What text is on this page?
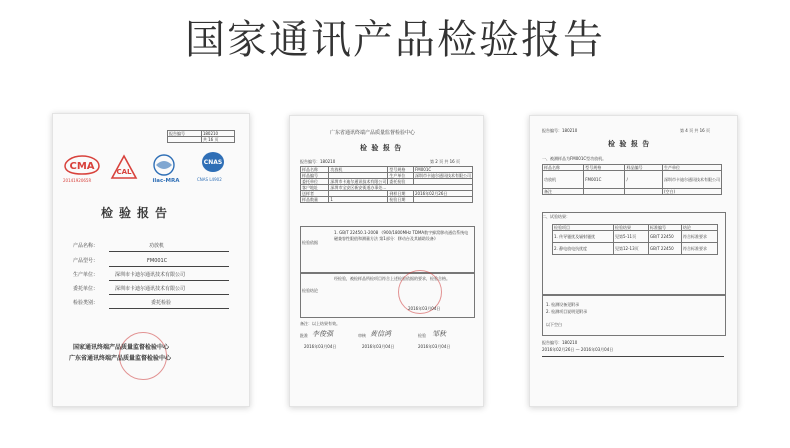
国家通讯产品检验报告
报告编号	180210
	共 16 页
CMA
2014192065R
CAL
ilac-MRA
CNAS
CNAS L4902
检验报告
产品名称：	功放机
产品型号：	FM001C
生产单位：	深圳市卡迪尔通讯技术有限公司
委托单位：	深圳市卡迪尔通讯技术有限公司
检验类别：	委托检验
国家通讯终端产品质量监督检验中心
广东省通讯终端产品质量监督检验中心
广东省通讯终端产品质量监督检验中心
检 验 报 告
报告编号：180210	第 2 页 共 16 页
样品名称	功放机	型号规格	FM001C
样品编号		生产单位	深圳市卡迪尔通讯技术有限公司
委托单位	深圳市卡迪尔通讯技术有限公司	委托检验	
客户地址	深圳市宝安区新安街道办事处...		
送样者		到样日期	2016年02月26日
样品数量	1	检验日期	
检验依据
1. GB/T 22450.1-2008 《900/1800MHz TDMA数字蜂窝移动通信系统电磁兼容性限值和测量方法 第1部分：移动台及其辅助设备》
检验结论
经检验，被检样品所检项目符合上述检验依据的要求，检验合格。
2016年03月04日
备注：以上结果有效。
批准 李俊强	审核 黄信鸿	检验 邹秋
2016年03月04日	2016年03月04日	2016年03月04日
报告编号：180210	第 4 页 共 16 页
检 验 报 告
一、被测样品为FM001C型功放机。
样品名称	型号规格	样品编号	生产单位
功放机	FM001C	/	深圳市卡迪尔通讯技术有限公司
备注			(空白)
二、试验结果：
检验项目	检验结果	标准编号	结论
1. 传导骚扰及辐射骚扰	见第5-11页	GB/T 22450	符合标准要求
2. 静电放电抗扰度	见第12-13页	GB/T 22450	符合标准要求
1. 检测设备见附录
2. 检测项目说明见附录
以下空白
报告编号：180210
2016年02月26日 — 2016年03月04日
